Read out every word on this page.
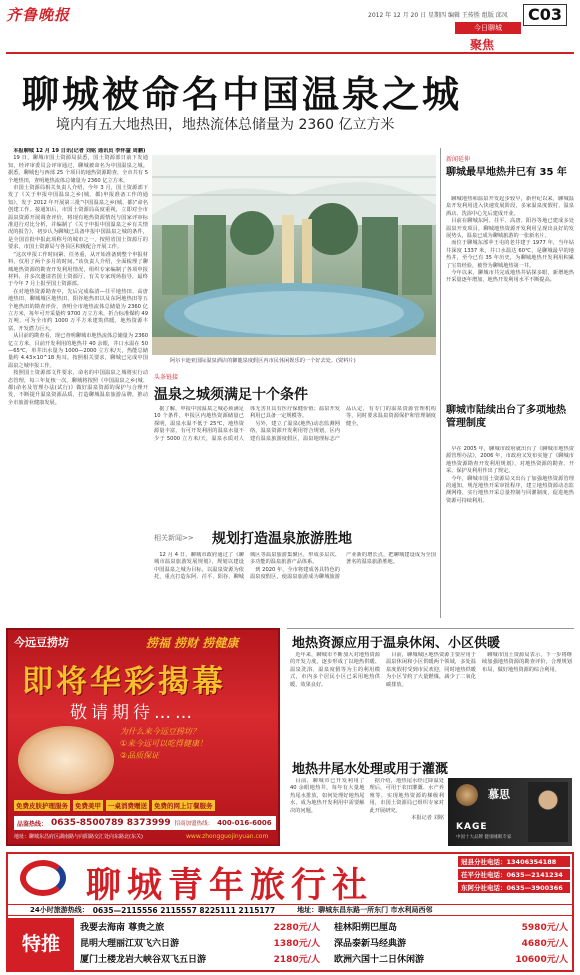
齐鲁晚报	2012 年 12 月 20 日 星期四 编辑 王传胜 组版 邱凤	C03
今日聊城
聚焦
聊城被命名中国温泉之城
境内有五大地热田，地热流体总储量为 2360 亿立方米

本报聊城 12 月 19 日讯(记者 刘铭 通讯员 李怀鋆 周鹏)

19 日，聊城市国土资源局获悉，国土资源部日前下发通知，经评审委员会评审通过，聊城被命名为中国温泉之城。据悉，聊城也与西部 25 个项目的地热资源勘查，全市共有 5 个地热田，查明地热流体总储量为 2360 亿立方米。

市国土资源局相关负责人介绍，今年 3 月，国土资源部下发了《关于申报中国温泉之乡(城、都)申报准备工作的通知》，发于 2012 年开展第三批“中国温泉之乡(城、都)”命名创建工作。接通知后，市国土资源局高度重视，立即对全市温泉资源开展调查评价，将现有地热资源情况与国家评审标准进行对比分析，并编制了《关于申报中国温泉之乡有关情况的报告》，初步认为聊城已具备申报中国温泉之城的条件，是全国首批申报此项称号的城市之一，按照省国土资源厅的要求，市国土资源局与各县区积极配合开展工作。

“这次申报工作时间紧、任务重，从开始准备到整个申报材料，仅用了两个多月的时间。”该负责人介绍，全面梳理了聊城地热资源的勘查开发利用情况，组织专家编制了各项申报材料，并多次邀请省国土资源厅、有关专家现场指导，最终于今年 7 月上报至国土资源部。

在对地热资源勘查中，先后完成临清—茌平地热田、高唐地热田、聊城城区地热田、阳谷地热田以及东阿地热田等五个地热田的勘查评价，查明全市地热流体总储量为 2360 亿立方米，每年可开采量约 9700 万立方米，折合标准煤约 49 万吨，可为全市约 1000 万平方米建筑供暖，地热资源丰富，开发潜力巨大。

从目前的勘查看，现已查明聊城市地热流体总储量为 2360 亿立方米，目前开发利用的地热井 40 余眼，井口水温在 50—65℃，单井出水量为 1000—2000 立方米/天，热能总储量约 4.43×10^18 焦耳。按照相关要求，聊城已完成中国温泉之城申报工作。

按照国土资源部文件要求，命名的中国温泉之城将实行动态管理，每三年复核一次。聊城将按照《中国温泉之乡(城、都)命名及管理办法(试行)》做好温泉资源的保护与合理开发，不断提升温泉资源品质，打造聊城温泉旅游品牌，推动全市旅游业健康发展。

阿尔卡迪亚国际温泉酒店的御龍泉度假区内市民休闲娱乐的一个好去处。(资料片)
新闻延伸
聊城最早地热井已有 35 年

聊城地热和温泉开发起步较早，新世纪以来，聊城温泉开发利用进入快速发展阶段，多家温泉度假村、温泉酒店、洗浴中心先后建成开业。

目前在聊城东阿、茌平、高唐、阳谷等地已建成多处温泉开发项目，聊城地热资源开发利用呈现出良好的发展势头，温泉已成为聊城旅游的一张新名片。

而位于聊城东部苹王屯的老井建于 1977 年，当年钻井深度 1337 米，井口水温达 60℃，是聊城最早的地热井，至今已有 35 年历史，为聊城地热开发利用积累了宝贵经验，被誉为聊城地热第一井。

今年以来，聊城市共完成地热井钻探多眼，新增地热开采量逐年增加，地热开发利用水平不断提高。

聊城市陆续出台了多项地热管理制度

早在 2005 年，聊城市政府就出台了《聊城市地热资源管理办法》，2006 年，市政府又发布实施了《聊城市地热资源勘查开发利用规划》，对地热资源的勘查、开采、保护及利用作出了规定。

今年，聊城市国土资源局又出台了加强地热资源管理的通知，规范地热开采审批程序，建立地热资源动态监测网络，实行地热开采总量控制与回灌制度，促进地热资源可持续利用。

头条链接
温泉之城须满足十个条件

据了解，申报中国温泉之城必须满足 10 个条件，申报区内地热资源储量已探明，温泉水温不低于 25℃，地热资源量丰富，有可开发利用的温泉水量不少于 5000 立方米/天，温泉水质对人体无害且具有医疗保健价值；温泉开发利用已具备一定规模等。

另外，建立了温泉(地热)动态监测网络，温泉资源开发利用符合规划，区内建有温泉旅游度假区，温泉地理标志产品认定，有专门的温泉资源管理机构等，同时要求温泉资源保护和管理制度健全。

相关新闻>> 规划打造温泉旅游胜地

12 月 4 日，聊城市政府通过了《聊城市温泉旅游发展规划》，规划以建设中国温泉之城为目标，以温泉资源为依托，重点打造东阿、茌平、阳谷、聊城城区等温泉旅游集聚区，形成多层次、多功能的温泉旅游产品体系。

到 2020 年，全市将建成各具特色的温泉度假区，使温泉旅游成为聊城旅游产业新的增长点，把聊城建设成为全国著名的温泉旅游胜地。

今远豆捞坊	捞福 捞财 捞健康
即将华彩揭幕
敬请期待……
为什么来今远豆捞坊？
①来今远可以吃得健康！
②品质保证
免费皮肤护理服务	免费美甲	一桌消费赠送	免费的网上订餐服务
品鉴热线： 0635-8500789 8373999 招商加盟热线： 400-016-6006
地址：聊城东昌府区湖南路与向阳路交汇处向东路北(东关)	www.zhongguojinyuan.com
地热资源应用于温泉休闲、小区供暖

近年来，聊城市不断加大对地热资源的开发力度，逐步形成了以地热供暖、温泉洗浴、温泉度假等为主的利用模式，市内多个居民小区已采用地热供暖，效果良好。

目前，聊城城区地热资源主要应用于温泉休闲和小区供暖两个领域，多处温泉度假村受到市民欢迎，同时地热供暖为小区节约了大量燃煤，减少了二氧化碳排放。

聊城市国土资源局表示，下一步将继续加强地热资源的勘查评价，合理规划布局，做好地热资源的综合利用。

地热井尾水处理或用于灌溉

目前，聊城市已开发利用了 40 余眼地热井，每年有大量地热尾水排放，如何处理好地热尾水，成为地热开发利用中需要解决的问题。

据介绍，地热尾水经过降温处理后，可用于农田灌溉、水产养殖等，实现地热资源的梯级利用，市国土资源局已组织专家对此开展研究。

本报记者 刘铭

慕思
KAGE
中国十大品牌 健康睡眠专家
聊城青年旅行社
冠县分社电话：13406354188
茌平分社电话：0635—2141234
东阿分社电话：0635—3900366
24小时旅游热线： 0635—2115556 2115557 8225111 2115177	地址：聊城东昌东路一所东门 市水利局西邻
特推
我要去海南 尊贵之旅	2280元/人
昆明大理丽江双飞六日游	1380元/人
厦门土楼龙岩大峡谷双飞五日游	2180元/人
桂林阳朔巴厘岛	5980元/人
深品泰新马经典游	4680元/人
欧洲六国十二日休闲游	10600元/人
